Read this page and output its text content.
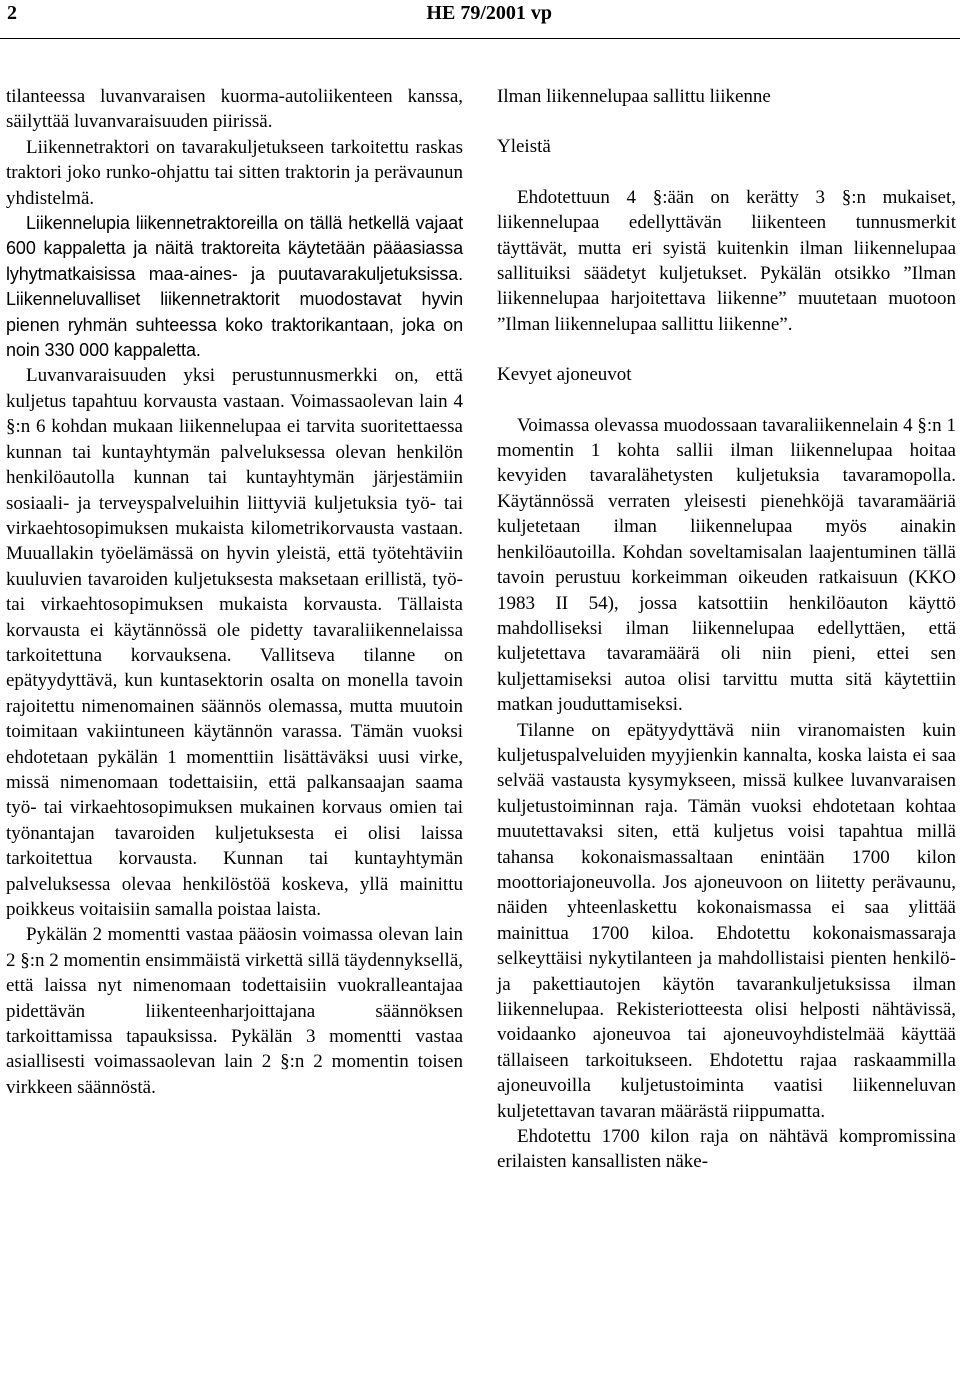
2	HE 79/2001 vp

tilanteessa luvanvaraisen kuorma-autoliikenteen kanssa, säilyttää luvanvaraisuuden piirissä.

Liikennetraktori on tavarakuljetukseen tarkoitettu raskas traktori joko runko-ohjattu tai sitten traktorin ja perävaunun yhdistelmä.

Liikennelupia liikennetraktoreilla on tällä hetkellä vajaat 600 kappaletta ja näitä traktoreita käytetään pääasiassa lyhytmatkaisissa maa-aines- ja puutavarakuljetuksissa. Liikenneluvalliset liikennetraktorit muodostavat hyvin pienen ryhmän suhteessa koko traktorikantaan, joka on noin 330 000 kappaletta.

Luvanvaraisuuden yksi perustunnusmerkki on, että kuljetus tapahtuu korvausta vastaan. Voimassaolevan lain 4 §:n 6 kohdan mukaan liikennelupaa ei tarvita suoritettaessa kunnan tai kuntayhtymän palveluksessa olevan henkilön henkilöautolla kunnan tai kuntayhtymän järjestämiin sosiaali- ja terveyspalveluihin liittyviä kuljetuksia työ- tai virkaehtosopimuksen mukaista kilometrikorvausta vastaan. Muuallakin työelämässä on hyvin yleistä, että työtehtäviin kuuluvien tavaroiden kuljetuksesta maksetaan erillistä, työ- tai virkaehtosopimuksen mukaista korvausta. Tällaista korvausta ei käytännössä ole pidetty tavaraliikennelaissa tarkoitettuna korvauksena. Vallitseva tilanne on epätyydyttävä, kun kuntasektorin osalta on monella tavoin rajoitettu nimenomainen säännös olemassa, mutta muutoin toimitaan vakiintuneen käytännön varassa. Tämän vuoksi ehdotetaan pykälän 1 momenttiin lisättäväksi uusi virke, missä nimenomaan todettaisiin, että palkansaajan saama työ- tai virkaehtosopimuksen mukainen korvaus omien tai työnantajan tavaroiden kuljetuksesta ei olisi laissa tarkoitettua korvausta. Kunnan tai kuntayhtymän palveluksessa olevaa henkilöstöä koskeva, yllä mainittu poikkeus voitaisiin samalla poistaa laista.

Pykälän 2 momentti vastaa pääosin voimassa olevan lain 2 §:n 2 momentin ensimmäistä virkettä sillä täydennyksellä, että laissa nyt nimenomaan todettaisiin vuokralleantajaa pidettävän liikenteenharjoittajana säännöksen tarkoittamissa tapauksissa. Pykälän 3 momentti vastaa asiallisesti voimassaolevan lain 2 §:n 2 momentin toisen virkkeen säännöstä.

Ilman liikennelupaa sallittu liikenne
Yleistä

Ehdotettuun 4 §:ään on kerätty 3 §:n mukaiset, liikennelupaa edellyttävän liikenteen tunnusmerkit täyttävät, mutta eri syistä kuitenkin ilman liikennelupaa sallituiksi säädetyt kuljetukset. Pykälän otsikko ”Ilman liikennelupaa harjoitettava liikenne” muutetaan muotoon ”Ilman liikennelupaa sallittu liikenne”.

Kevyet ajoneuvot

Voimassa olevassa muodossaan tavaraliikennelain 4 §:n 1 momentin 1 kohta sallii ilman liikennelupaa hoitaa kevyiden tavaralähetysten kuljetuksia tavaramopolla. Käytännössä verraten yleisesti pienehköjä tavaramääriä kuljetetaan ilman liikennelupaa myös ainakin henkilöautoilla. Kohdan soveltamisalan laajentuminen tällä tavoin perustuu korkeimman oikeuden ratkaisuun (KKO 1983 II 54), jossa katsottiin henkilöauton käyttö mahdolliseksi ilman liikennelupaa edellyttäen, että kuljetettava tavaramäärä oli niin pieni, ettei sen kuljettamiseksi autoa olisi tarvittu mutta sitä käytettiin matkan jouduttamiseksi.

Tilanne on epätyydyttävä niin viranomaisten kuin kuljetuspalveluiden myyjienkin kannalta, koska laista ei saa selvää vastausta kysymykseen, missä kulkee luvanvaraisen kuljetustoiminnan raja. Tämän vuoksi ehdotetaan kohtaa muutettavaksi siten, että kuljetus voisi tapahtua millä tahansa kokonaismassaltaan enintään 1700 kilon moottoriajoneuvolla. Jos ajoneuvoon on liitetty perävaunu, näiden yhteenlaskettu kokonaismassa ei saa ylittää mainittua 1700 kiloa. Ehdotettu kokonaismassaraja selkeyttäisi nykytilanteen ja mahdollistaisi pienten henkilö- ja pakettiautojen käytön tavarankuljetuksissa ilman liikennelupaa. Rekisteriotteesta olisi helposti nähtävissä, voidaanko ajoneuvoa tai ajoneuvoyhdistelmää käyttää tällaiseen tarkoitukseen. Ehdotettu rajaa raskaammilla ajoneuvoilla kuljetustoiminta vaatisi liikenneluvan kuljetettavan tavaran määrästä riippumatta.

Ehdotettu 1700 kilon raja on nähtävä kompromissina erilaisten kansallisten näke-
